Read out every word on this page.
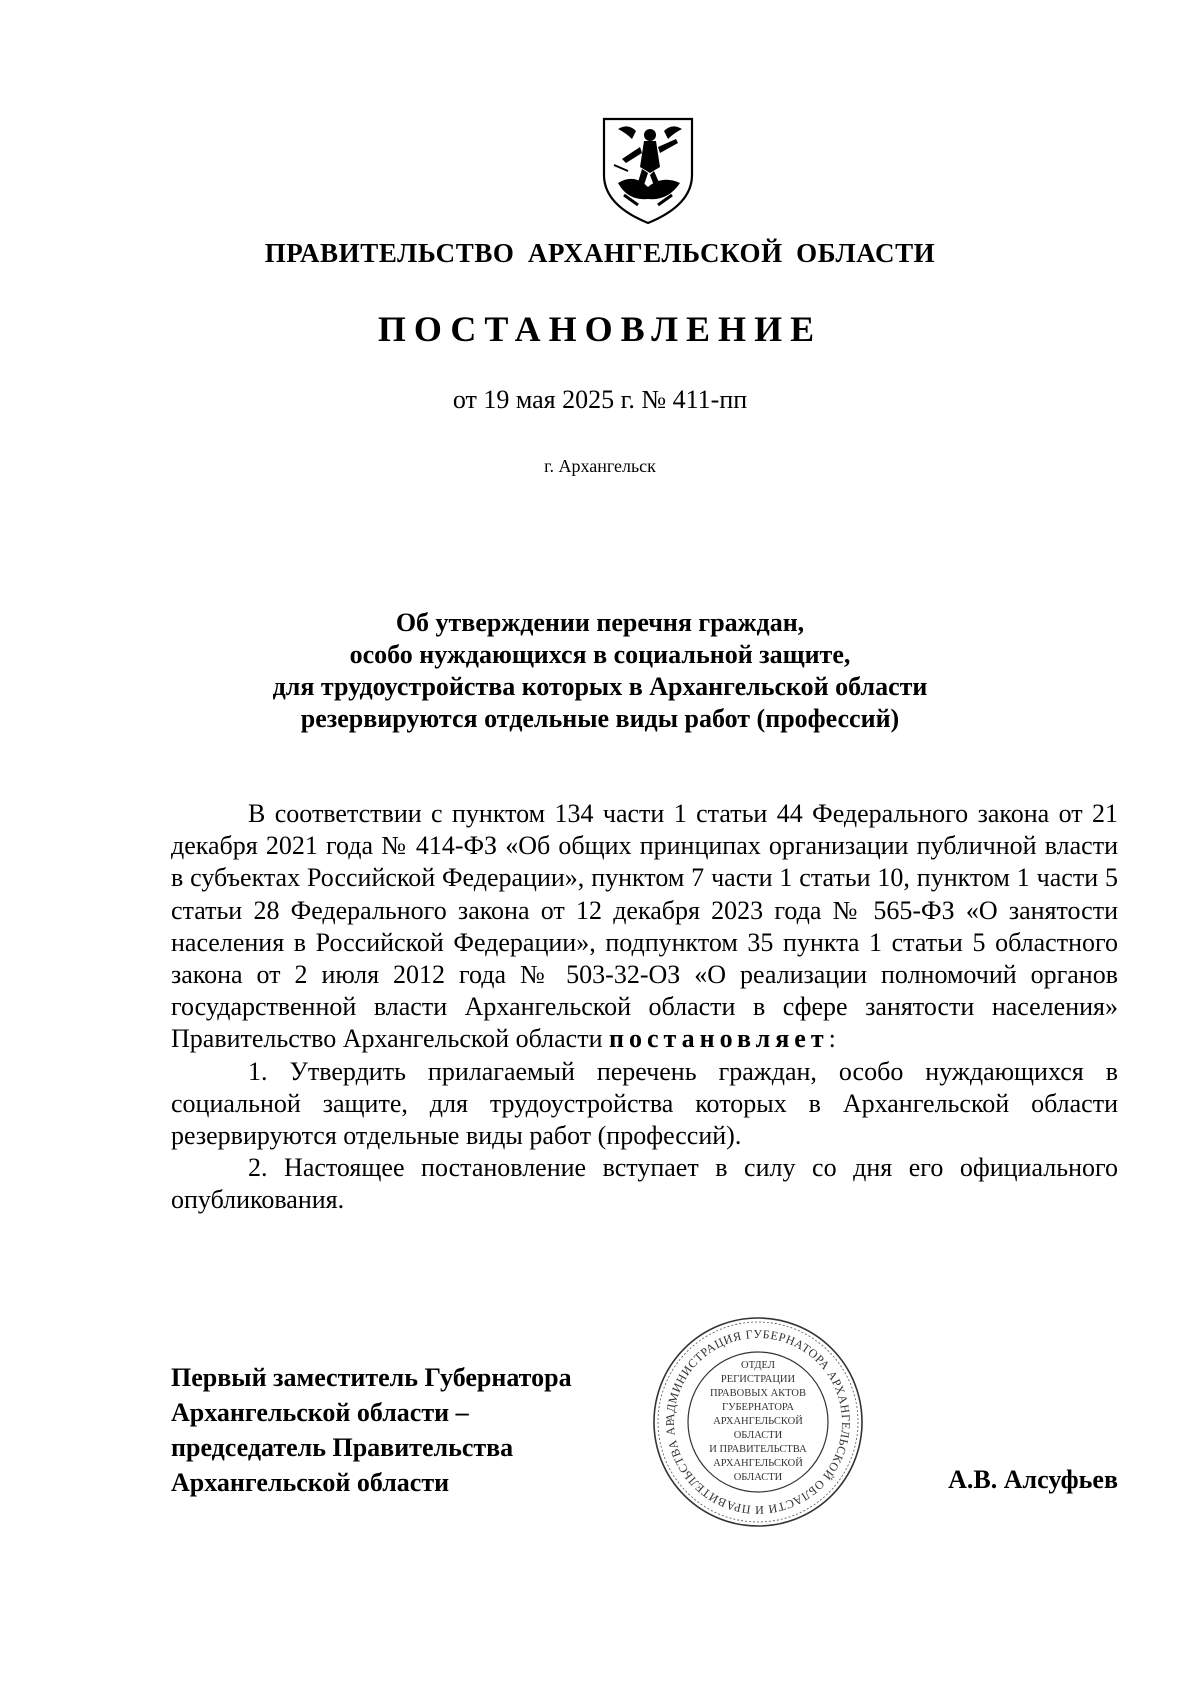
ПРАВИТЕЛЬСТВО АРХАНГЕЛЬСКОЙ ОБЛАСТИ
ПОСТАНОВЛЕНИЕ
от 19 мая 2025 г. № 411-пп
г. Архангельск
Об утверждении перечня граждан,
особо нуждающихся в социальной защите,
для трудоустройства которых в Архангельской области
резервируются отдельные виды работ (профессий)

В соответствии с пунктом 134 части 1 статьи 44 Федерального закона от 21 декабря 2021 года № 414-ФЗ «Об общих принципах организации публичной власти в субъектах Российской Федерации», пунктом 7 части 1 статьи 10, пунктом 1 части 5 статьи 28 Федерального закона от 12 декабря 2023 года № 565-ФЗ «О занятости населения в Российской Федерации», подпунктом 35 пункта 1 статьи 5 областного закона от 2 июля 2012 года № 503-32-ОЗ «О реализации полномочий органов государственной власти Архангельской области в сфере занятости населения» Правительство Архангельской области постановляет:

1. Утвердить прилагаемый перечень граждан, особо нуждающихся в социальной защите, для трудоустройства которых в Архангельской области резервируются отдельные виды работ (профессий).

2. Настоящее постановление вступает в силу со дня его официального опубликования.

Первый заместитель Губернатора
Архангельской области –
председатель Правительства
Архангельской области	А.В. Алсуфьев
АДМИНИСТРАЦИЯ ГУБЕРНАТОРА АРХАНГЕЛЬСКОЙ ОБЛАСТИ И ПРАВИТЕЛЬСТВА АР
ОТДЕЛ
РЕГИСТРАЦИИ
ПРАВОВЫХ АКТОВ
ГУБЕРНАТОРА
АРХАНГЕЛЬСКОЙ
ОБЛАСТИ
И ПРАВИТЕЛЬСТВА
АРХАНГЕЛЬСКОЙ
ОБЛАСТИ
